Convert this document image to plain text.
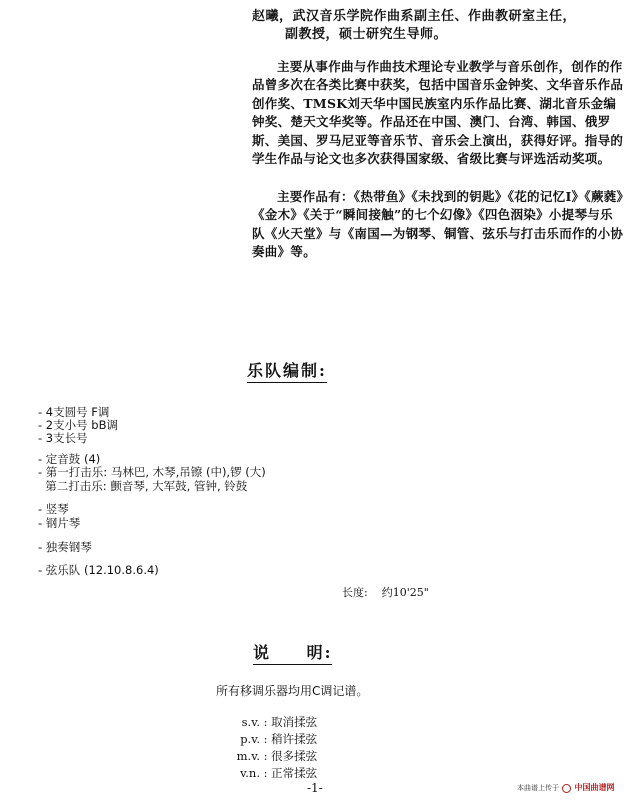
赵曦，武汉音乐学院作曲系副主任、作曲教研室主任，
副教授，硕士研究生导师。

主要从事作曲与作曲技术理论专业教学与音乐创作，创作的作品曾多次在各类比赛中获奖，包括中国音乐金钟奖、文华音乐作品创作奖、TMSK刘天华中国民族室内乐作品比赛、湖北音乐金编钟奖、楚天文华奖等。作品还在中国、澳门、台湾、韩国、俄罗斯、美国、罗马尼亚等音乐节、音乐会上演出，获得好评。指导的学生作品与论文也多次获得国家级、省级比赛与评选活动奖项。

主要作品有：《热带鱼》《未找到的钥匙》《花的记忆Ⅰ》《蕨蕤》《金木》《关于“瞬间接触”的七个幻像》《四色洇染》小提琴与乐队《火天堂》与《南国—为钢琴、铜管、弦乐与打击乐而作的小协奏曲》等。

乐队编制:
- 4支圆号 F调
- 2支小号 bB调
- 3支长号
- 定音鼓 (4)
- 第一打击乐: 马林巴, 木琴,吊镲 (中),锣 (大)
第二打击乐: 颤音琴, 大军鼓, 管钟, 铃鼓
- 竖琴
- 钢片琴
- 独奏钢琴
- 弦乐队 (12.10.8.6.4)
长度: 约10'25"
说 明:
所有移调乐器均用C调记谱。
s.v. : 取消揉弦
p.v. : 稍许揉弦
m.v. : 很多揉弦
v.n. : 正常揉弦
-1-	本曲谱上传于 中国曲谱网
